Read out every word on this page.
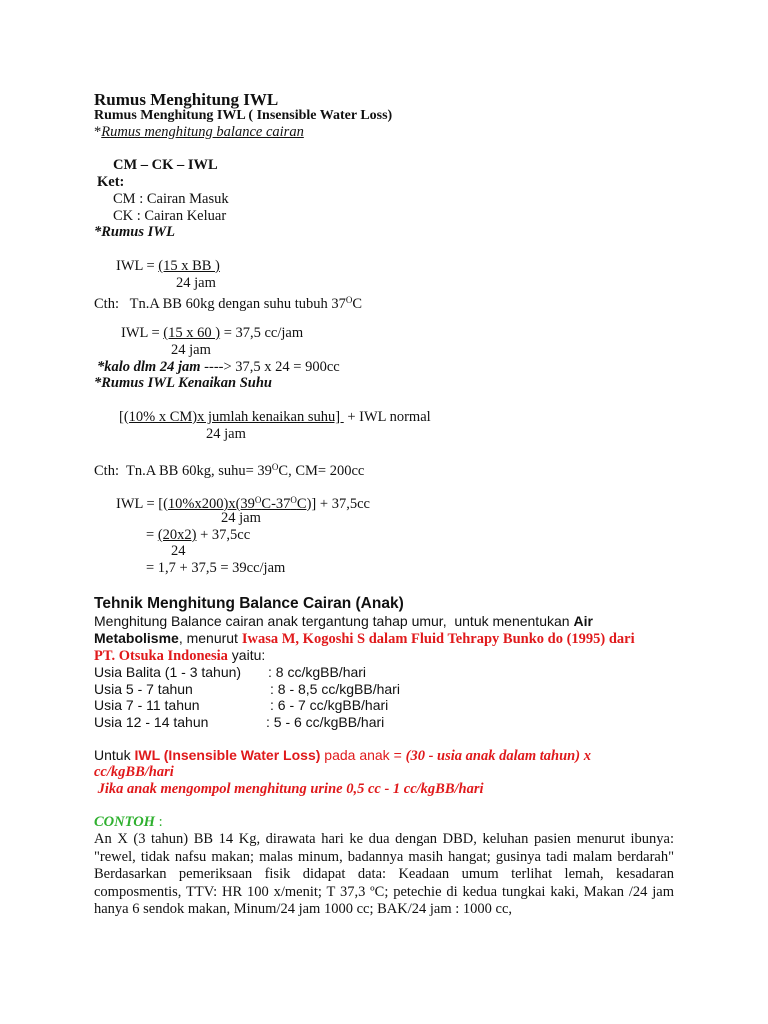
Rumus Menghitung IWL
Rumus Menghitung IWL ( Insensible Water Loss)
*Rumus menghitung balance cairan
CM – CK – IWL
Ket:
CM : Cairan Masuk
CK : Cairan Keluar
*Rumus IWL
IWL = (15 x BB )
24 jam
Cth:   Tn.A BB 60kg dengan suhu tubuh $37^OC$
IWL = (15 x 60 ) = 37,5 cc/jam
24 jam
*kalo dlm 24 jam ----> 37,5 x 24 = 900cc
*Rumus IWL Kenaikan Suhu
[(10% x CM)x jumlah kenaikan suhu]  + IWL normal
24 jam
Cth:  Tn.A BB 60kg, suhu= $39^OC$, CM= 200cc
IWL = $[(10\%x200)x(39^OC-37^OC)] + 37,5cc$
24 jam
= (20x2) + 37,5cc
24
= 1,7 + 37,5 = 39cc/jam
Tehnik Menghitung Balance Cairan (Anak)
Menghitung Balance cairan anak tergantung tahap umur,  untuk menentukan Air
Metabolisme, menurut Iwasa M, Kogoshi S dalam Fluid Tehrapy Bunko do (1995) dari
PT. Otsuka Indonesia yaitu:
Usia Balita (1 - 3 tahun) : 8 cc/kgBB/hari
Usia 5 - 7 tahun	: 8 - 8,5 cc/kgBB/hari
Usia 7 - 11 tahun	: 6 - 7 cc/kgBB/hari
Usia 12 - 14 tahun	: 5 - 6 cc/kgBB/hari
Untuk IWL (Insensible Water Loss) pada anak = (30 - usia anak dalam tahun) x
cc/kgBB/hari
Jika anak mengompol menghitung urine 0,5 cc - 1 cc/kgBB/hari
CONTOH :
An X (3 tahun) BB 14 Kg, dirawata hari ke dua dengan DBD, keluhan pasien menurut ibunya: "rewel, tidak nafsu makan; malas minum, badannya masih hangat; gusinya tadi malam berdarah" Berdasarkan pemeriksaan fisik didapat data: Keadaan umum terlihat lemah, kesadaran composmentis, TTV: HR 100 x/menit; T 37,3 ºC; petechie di kedua tungkai kaki, Makan /24 jam hanya 6 sendok makan, Minum/24 jam 1000 cc; BAK/24 jam : 1000 cc,
